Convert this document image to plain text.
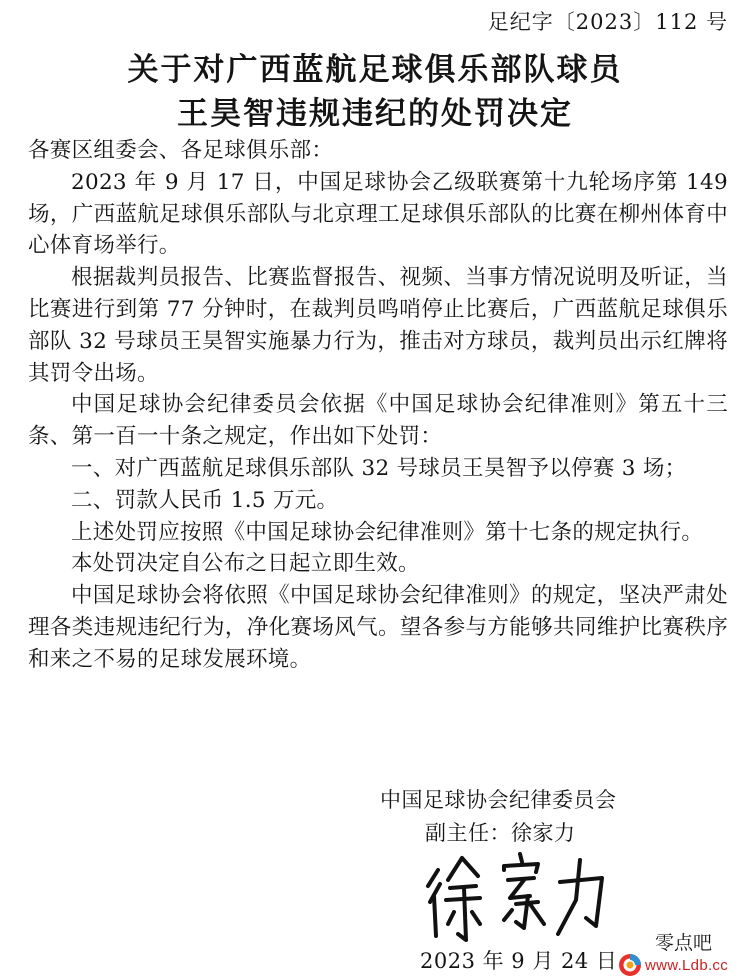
足纪字〔2023〕112 号
关于对广西蓝航足球俱乐部队球员
王昊智违规违纪的处罚决定

各赛区组委会、各足球俱乐部：

2023 年 9 月 17 日，中国足球协会乙级联赛第十九轮场序第 149 场，广西蓝航足球俱乐部队与北京理工足球俱乐部队的比赛在柳州体育中心体育场举行。

根据裁判员报告、比赛监督报告、视频、当事方情况说明及听证，当比赛进行到第 77 分钟时，在裁判员鸣哨停止比赛后，广西蓝航足球俱乐部队 32 号球员王昊智实施暴力行为，推击对方球员，裁判员出示红牌将其罚令出场。

中国足球协会纪律委员会依据《中国足球协会纪律准则》第五十三条、第一百一十条之规定，作出如下处罚：

一、对广西蓝航足球俱乐部队 32 号球员王昊智予以停赛 3 场；

二、罚款人民币 1.5 万元。

上述处罚应按照《中国足球协会纪律准则》第十七条的规定执行。

本处罚决定自公布之日起立即生效。

中国足球协会将依照《中国足球协会纪律准则》的规定，坚决严肃处理各类违规违纪行为，净化赛场风气。望各参与方能够共同维护比赛秩序和来之不易的足球发展环境。

中国足球协会纪律委员会
副主任：徐家力
2023 年 9 月 24 日
零点吧
www.Ldb.cc
